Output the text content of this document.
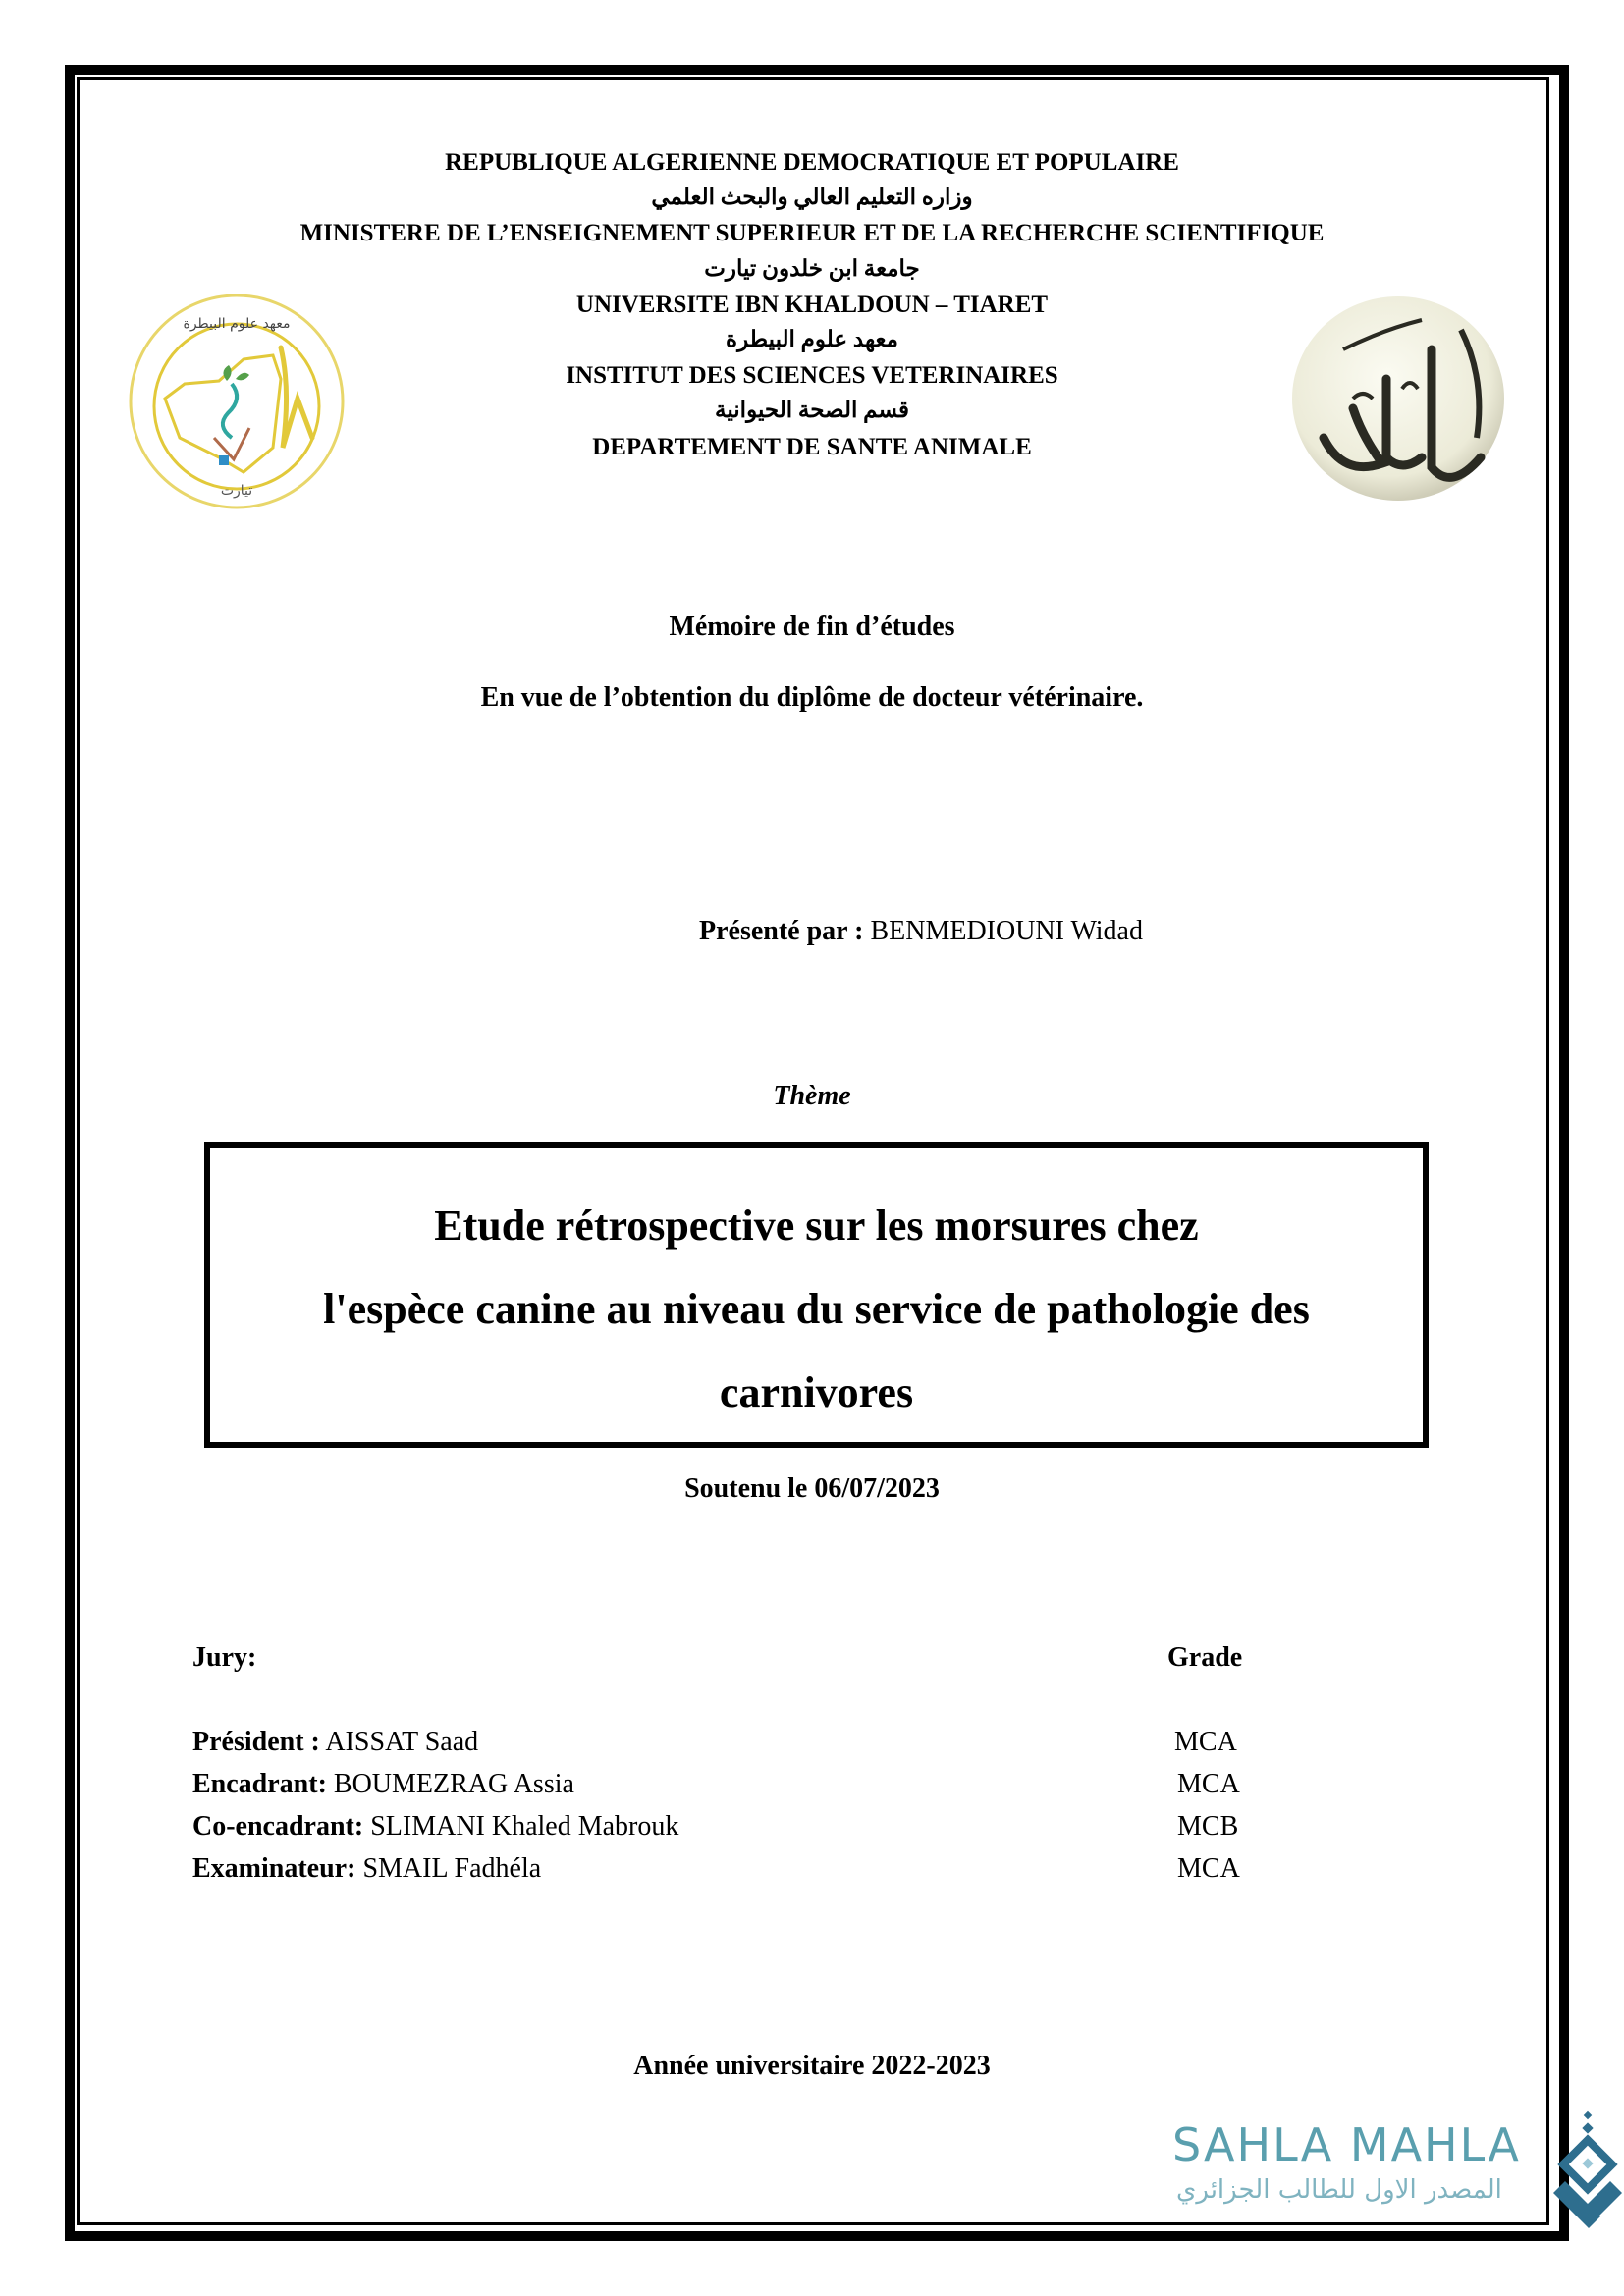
REPUBLIQUE ALGERIENNE DEMOCRATIQUE ET POPULAIRE
وزاره التعليم العالي والبحث العلمي
MINISTERE DE L’ENSEIGNEMENT SUPERIEUR ET DE LA RECHERCHE SCIENTIFIQUE
جامعة ابن خلدون تيارت
UNIVERSITE IBN KHALDOUN – TIARET
معهد علوم البيطرة
INSTITUT DES SCIENCES VETERINAIRES
قسم الصحة الحيوانية
DEPARTEMENT DE SANTE ANIMALE
معهد علوم البيطرة
تيارت
Mémoire de fin d’études
En vue de l’obtention du diplôme de docteur vétérinaire.
Présenté par : BENMEDIOUNI Widad
Thème
Etude rétrospective sur les morsures chez
l'espèce canine au niveau du service de pathologie des
carnivores
Soutenu le 06/07/2023
Jury:	Grade
Président : AISSAT Saad	MCA
Encadrant: BOUMEZRAG Assia	MCA
Co-encadrant: SLIMANI Khaled Mabrouk	MCB
Examinateur: SMAIL Fadhéla	MCA
Année universitaire 2022-2023
SAHLA MAHLA
المصدر الاول للطالب الجزائري
